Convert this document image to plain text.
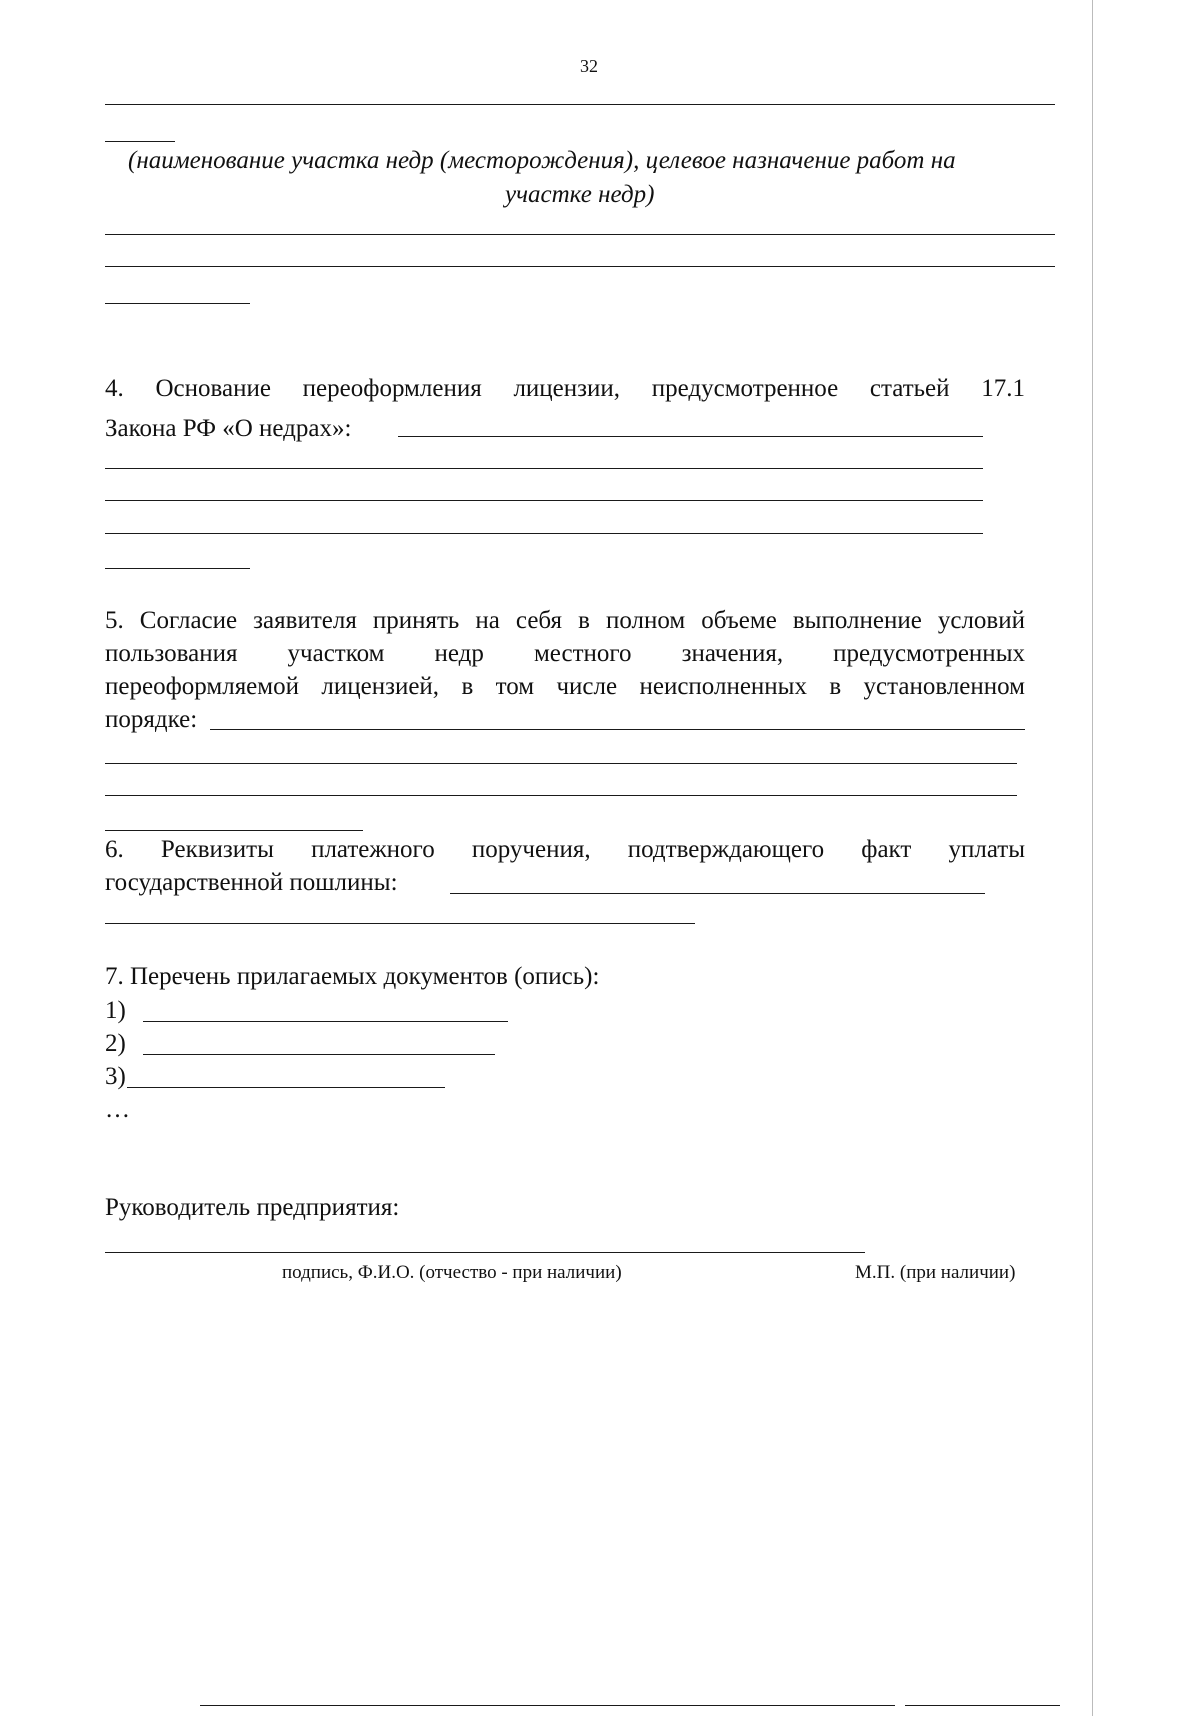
32
(наименование участка недр (месторождения), целевое назначение работ на
участке недр)
4. Основание переоформления лицензии, предусмотренное статьей 17.1
Закона РФ «О недрах»:
5. Согласие заявителя принять на себя в полном объеме выполнение условий
пользования участком недр местного значения, предусмотренных
переоформляемой лицензией, в том числе неисполненных в установленном
порядке:
6. Реквизиты платежного поручения, подтверждающего факт уплаты
государственной пошлины:
7. Перечень прилагаемых документов (опись):
1)
2)
3)
…
Руководитель предприятия:
подпись, Ф.И.О. (отчество - при наличии)	М.П. (при наличии)
